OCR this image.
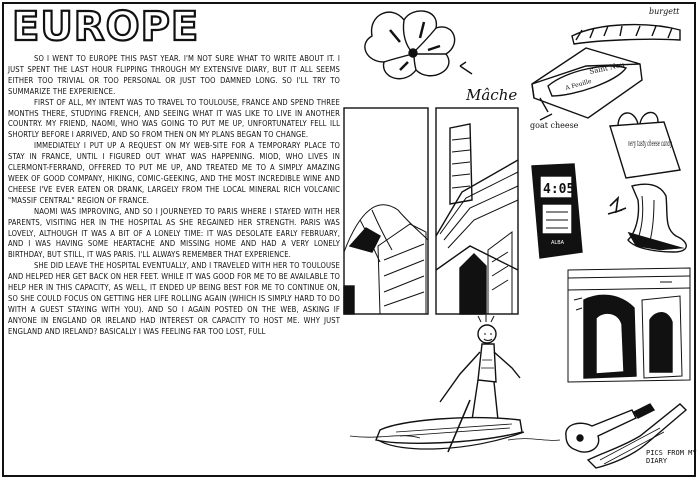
EUROPE

SO I WENT TO EUROPE THIS PAST YEAR. I'M NOT SURE WHAT TO WRITE ABOUT IT. I JUST SPENT THE LAST HOUR FLIPPING THROUGH MY EXTENSIVE DIARY, BUT IT ALL SEEMS EITHER TOO TRIVIAL OR TOO PERSONAL OR JUST TOO DAMNED LONG. SO I'LL TRY TO SUMMARIZE THE EXPERIENCE.

FIRST OF ALL, MY INTENT WAS TO TRAVEL TO TOULOUSE, FRANCE AND SPEND THREE MONTHS THERE, STUDYING FRENCH, AND SEEING WHAT IT WAS LIKE TO LIVE IN ANOTHER COUNTRY. MY FRIEND, NAOMI, WHO WAS GOING TO PUT ME UP, UNFORTUNATELY FELL ILL SHORTLY BEFORE I ARRIVED, AND SO FROM THEN ON MY PLANS BEGAN TO CHANGE.

IMMEDIATELY I PUT UP A REQUEST ON MY WEB-SITE FOR A TEMPORARY PLACE TO STAY IN FRANCE, UNTIL I FIGURED OUT WHAT WAS HAPPENING. MIOD, WHO LIVES IN CLERMONT-FERRAND, OFFERED TO PUT ME UP, AND TREATED ME TO A SIMPLY AMAZING WEEK OF GOOD COMPANY, HIKING, COMIC-GEEKING, AND THE MOST INCREDIBLE WINE AND CHEESE I'VE EVER EATEN OR DRANK, LARGELY FROM THE LOCAL MINERAL RICH VOLCANIC "MASSIF CENTRAL" REGION OF FRANCE.

NAOMI WAS IMPROVING, AND SO I JOURNEYED TO PARIS WHERE I STAYED WITH HER PARENTS, VISITING HER IN THE HOSPITAL AS SHE REGAINED HER STRENGTH. PARIS WAS LOVELY, ALTHOUGH IT WAS A BIT OF A LONELY TIME: IT WAS DESOLATE EARLY FEBRUARY, AND I WAS HAVING SOME HEARTACHE AND MISSING HOME AND HAD A VERY LONELY BIRTHDAY, BUT STILL, IT WAS PARIS. I'LL ALWAYS REMEMBER THAT EXPERIENCE.

SHE DID LEAVE THE HOSPITAL EVENTUALLY, AND I TRAVELED WITH HER TO TOULOUSE AND HELPED HER GET BACK ON HER FEET. WHILE IT WAS GOOD FOR ME TO BE AVAILABLE TO HELP HER IN THIS CAPACITY, AS WELL, IT ENDED UP BEING BEST FOR ME TO CONTINUE ON, SO SHE COULD FOCUS ON GETTING HER LIFE ROLLING AGAIN (WHICH IS SIMPLY HARD TO DO WITH A GUEST STAYING WITH YOU). AND SO I AGAIN POSTED ON THE WEB, ASKING IF ANYONE IN ENGLAND OR IRELAND HAD INTEREST OR CAPACITY TO HOST ME. WHY JUST ENGLAND AND IRELAND? BASICALLY I WAS FEELING FAR TOO LOST, FULL

burgett
Mâche
Saint Nou
A Feuille
goat cheese
very tasty cheese candy
4:05
ALBA
PICS FROM MY DIARY
